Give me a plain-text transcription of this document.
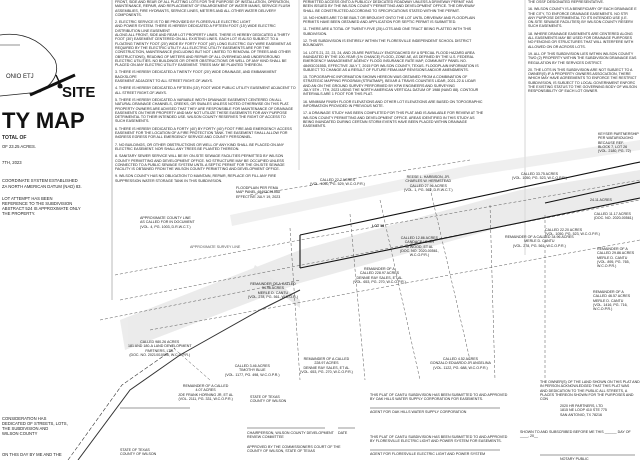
TY MAP
SITE
ONIO ETJ
TOTAL OF
OF 23.25 ACRES.
7TH, 2023
COORDINATE SYSTEM ESTABLISHED
ZA NORTH AMERICAN DATUM (NAD) 83.
LOT ATTEMPT HAS BEEN
REFERENCE TO THE SUBDIVISION
ABSTRACT 524 IS APPROXIMATE ONLY
THE PROPERTY.
CONSIDERATION HAS
DEDICATED OF STREETS, LOTS,
THE SUBDIVISION AND
WILSON COUNTY
ON THIS DAY BY ME AND THE
FRONT, SIDE AND REAR OF ALL PLATTING LOTS FOR THE PURPOSE OF INSTALLATION, OPERATION,
MAINTENANCE, REPAIR, AND REPLACEMENT OF ENLARGEMENT OF WATER MAINS, SERVICE FLUSH
ASSEMBLIES, FIRE HYDRANTS, SERVICE LINES, METERS AND ALL OTHER WATER DELIVERY
COMPONENTS.
2. ELECTRIC SERVICE IS TO BE PROVIDED BY FLORESVILLE ELECTRIC LIGHT
AND POWER SYSTEM. THERE IS HEREBY DEDICATED A FIFTEEN FOOT (15') WIDE ELECTRIC DISTRIBUTION LINE EASEMENT
ALONG ALL FRONT, SIDE AND REAR LOT PROPERTY LINES. THERE IS HEREBY DEDICATED A THIRTY
FOOT (30') EASEMENT CENTERED ON ALL EXISTING LINES. EACH LOT IS ALSO SUBJECT TO A
FLOATING TWENTY FOOT (20') WIDE BY FORTY FOOT (40') LONG ELECTRIC GUY WIRE EASEMENT AS
REQUIRED BY THE ELECTRIC UTILITY. ALL ELECTRIC UTILITY EASEMENTS ARE FOR THE
CONSTRUCTION, MAINTENANCE (INCLUDING BUT NOT LIMITED TO REMOVAL OF TREES AND OTHER
OBSTRUCTIONS), READING OF METERS AND REPAIR OF ALL OVERHEAD AND UNDERGROUND
ELECTRIC UTILITIES. NO BUILDINGS OR OTHER OBSTRUCTIONS OR WELL OF ANY KIND SHALL BE
PLACED ON ANY ELECTRIC UTILITY EASEMENT. TREES MAY BE PLANTED THEREON.
3. THERE IS HEREBY DEDICATED A TWENTY FOOT (20') WIDE DRAINAGE, AND EMBANKMENT BACKSLOPE
EASEMENT ADJACENT TO ALL STREET RIGHT-OF-WAYS.
4. THERE IS HEREBY DEDICATED A FIFTEEN (15') FOOT WIDE PUBLIC UTILITY EASEMENT ADJACENT TO
ALL STREET RIGHT-OF-WAYS.
5. THERE IS HEREBY DEDICATED A VARIABLE WIDTH DRAINAGE EASEMENT CENTERED ON ALL
NATURAL DRAINAGE CHANNELS, CREEKS, OR SWALES UNLESS NOTED OTHERWISE ON THIS PLAT.
PROPERTY OWNERS ARE ADVISED THAT THEY ARE RESPONSIBLE FOR MAINTENANCE OF DRAINAGE
EASEMENTS ON THEIR PROPERTY AND MAY NOT UTILIZE THESE EASEMENTS FOR ANY PURPOSE
DETRIMENTAL TO THEIR INTENDED USE. WILSON COUNTY RESERVES THE RIGHT OF ACCESS TO
SUCH EASEMENTS.
6. THERE IS HEREBY DEDICATED A FORTY (40') BY FORTY (40') FOOT FIRE AND EMERGENCY ACCESS
EASEMENT FOR THE LOCATION OF A FIRE PROTECTION TANK. THE EASEMENT SHALL ALLOW FOR
INGRESS EGRESS FOR ALL EMERGENCY SERVICE AND COUNTY PERSONNEL.
7. NO BUILDINGS, OR OTHER OBSTRUCTIONS OR WELL OF ANY KIND SHALL BE PLACED ON ANY
ELECTRIC EASEMENT. NOR SHALL ANY TREES BE PLANTED THEREON.
8. SANITARY SEWER SERVICE WILL BE BY ON-SITE SEWAGE FACILITIES PERMITTED BY WILSON
COUNTY PERMITTING AND DEVELOPMENT OFFICE. NO STRUCTURE MAY BE OCCUPIED UNLESS
CONNECTED TO A PUBLIC SEWAGE SYSTEM UNTIL A SEPTIC PERMIT FOR THE ON-SITE SEWAGE
FACILITY IS OBTAINED FROM THE WILSON COUNTY PERMITTING AND DEVELOPMENT OFFICE.
9. WILSON COUNTY HAS NO OBLIGATION TO MAINTAIN, REPAIR, REPLACE OR FILL ANY FIRE
SUPPRESSION WATER STORAGE TANK IN THIS SUBDIVISION.
PERMITTED ACCESS ONTO A PUBLICLY DEDICATED ROADWAY UNLESS A DRIVEWAY PERMIT HAS
BEEN ISSUED BY THE WILSON COUNTY PERMITTING AND DEVELOPMENT OFFICE. THE DRIVEWAY
SHALL BE CONSTRUCTED ACCORDING TO SPECIFICATIONS STATED WITHIN THE PERMIT.
10. NO HOMES ARE TO BE BUILT OR BROUGHT ONTO THE LOT UNTIL DRIVEWAY AND FLOODPLAIN
PERMITS HAVE BEEN OBTAINED AND APPLICATION FOR SEPTIC PERMIT IS SUBMITTED.
11. THERE ARE A TOTAL OF TWENTY-FIVE (25) LOTS AND ONE TRACT BEING PLATTED WITH THIS
SUBDIVISION.
12. THIS SUBDIVISION IS ENTIRELY WITHIN THE FLORESVILLE INDEPENDENT SCHOOL DISTRICT
BOUNDARY.
14. LOTS 21, 22, 23, 24, AND 25 ARE PARTIALLY ENCROACHED BY A SPECIAL FLOOD HAZARD AREA
INUNDATED BY THE 100-YEAR (1% CHANCE) FLOOD, ZONE AE, AS DEFINED BY THE U.S. FEDERAL
EMERGENCY MANAGEMENT AGENCY FLOOD INSURANCE RATE MAP, COMMUNITY PANEL NO.
48493C0155D, EFFECTIVE JULY 7, 2015 FOR WILSON COUNTY, TEXAS. FLOODPLAIN INFORMATION IS
SUBJECT TO CHANGE AS A RESULT OF FUTURE FEMA MAP REVISIONS AND/OR AMENDMENTS.
15. TOPOGRAPHIC INFORMATION SHOWN HEREON WAS OBTAINED FROM A COMBINATION OF
STRATEGIC MAPPING PROGRAM (STRATMAP), BEXAR & TRAVIS COUNTIES LIDAR, 2021-22 & LIDAR
AND AN ON THE GROUND SURVEY PERFORMED BY KFW ENGINEERS AND SURVEYING
JULY 5TH - 7TH, 2023 USING THE NORTH AMERICAN VERTICAL DATUM OF 1988 (NAVD 88). CONTOUR
INTERVALS ARE 1 FOOT FOR THIS PLAT.
16. MINIMUM FINISH FLOOR ELEVATIONS AND OTHER LOT ELEVATIONS ARE BASED ON TOPOGRAPHIC
INFORMATION PROVIDED IN PREVIOUS NOTE.
17. A DRAINAGE STUDY HAS BEEN COMPLETED FOR THIS PLAT AND IS AVAILABLE FOR REVIEW AT THE
WILSON COUNTY PERMITTING AND DEVELOPMENT OFFICE. AREAS IDENTIFIED IN THIS STUDY AS
BEING INUNDATED DURING CERTAIN STORM EVENTS HAVE BEEN PLACED WITHIN DRAINAGE
EASEMENTS.
THE OSSF DESIGNATED REPRESENTATIVE.
16. WILSON COUNTY IS A BENEFICIARY OF EACH DRAINAGE E
THE CITY, TO ENFORCE DRAINAGE EASEMENTS. NO STR
ANY PURPOSE DETRIMENTAL TO ITS INTENDED USE (I.E.
ON-SITE SEWAGE FACILITIES) BY WILSON COUNTY RESERV
SUCH EASEMENTS.
18. WHERE DRAINAGE EASEMENTS ARE CENTERED ALONG
ALL EASEMENTS MAY BE USED FOR DRAINAGE PURPOSES
NO FENCING OR STRUCTURES THAT WILL INTERFERE WITH
ALLOWED ON OR ACROSS LOTS.
19. ALL OF THIS SUBDIVISION LIES WITHIN WILSON COUNTY
TWO (2) PROPERTY WITHIN THE SUBDIVISION DRAINAGE EAS
REGULATION BY THE SERVICES DISTRICT.
20. THE LOTS IN THIS SUBDIVISION ARE NOT SUBJECT TO A
OWNER(S) IF A PROPERTY OWNERS ASSOCIATION, THERE
WHICH MAY HAVE AGREEMENTS TO ENFORCE THE RESTRICT
SUBDIVISION, IS SUBJECT TO LOCAL GOVERNMENT ENFORC
THE EXISTING STATUS TO THE GOVERNING BODY OF WILSON
RESPONSIBILITY OF EACH LOT OWNER.
REESE L. HARBISON, JR.
CHARLES W. HERMSTEAD
CALLED 27.96 ACRES
(VOL. 1, PG. 562, D.R.W.C.T.)
CALLED 22.7 ACRES
(VOL. 1050, PG. 529, W.C.O.P.R.)
FLOODPLAIN PER FEMA
MAP PANEL 48493C0155D
EFFECTIVE JULY 19, 2023
CALLED 33.75 ACRES
(VOL. 1050, PG. 523, W.C.O.P.R.)
KEYSER PARTNERSHIP
PER WATARIOUGHO
BECAUSE REF.
BLOCK 7, LOT 26
(VOL. 2180, PG. 72)
CALLED 11.17 ACRES
(DOC. NO. 2020-00561)
CALLED 22.20 ACRES
(VOL. 1050, PG. 523, W.C.O.P.R.)
APPROXIMATE COUNTY LINE
AS CALLED FOR IN DOCUMENT
(VOL. 4, PG. 1003, D.R.W.C.T.)
APPROXIMATE SURVEY LINE
REMAINDER OF A CALLED
34.96 ACRES
MERLE D. CANTU
(VOL. 278, PG. 561, W.C.O.R.)
REMAINDER OF A
CALLED 228.97 ACRES
DENNIE RAY SALES, ET AL
(VOL. 653, PG. 270, W.C.O.P.R.)
CALLED 12.86 ACRES
CANDACE LEIGH
ATWOOD, ET AL
(DOC. NO. 2020-00561,
W.C.O.P.R.)
REMAINDER OF A CALLED 34.96 ACRES
MERLE D. CANTU
(VOL. 278, PG. 561, W.C.O.P.R.)
CALLED 980.26 ACRES
181 AND 180-A LAND DEVELOPMENT
PARTNERS, LTD.
(DOC. NO. 2021/010006, W.C.O.P.R.)
REMAINDER OF A CALLED
228.97 ACRES
DENNIE RAY SALES, ET AL
(VOL. 653, PG. 270, W.C.O.P.R.)
CALLED 4.52 ACRES
GONZALO EDUARDO JR ANGELINA
(VOL. 1122, PG. 688, W.C.O.P.R.)
CALLED 3.46 ACRES
TIMOTHY BLUE
(VOL. 1177, PG. 498, W.C.O.P.R.)
REMAINDER OF A CALLED
4.07 ACRES
JOE FRANK HORNING JR, ET AL
(VOL. 2111, PG. 331, W.C.O.P.R.)
REMAINDER OF A
CALLED 29.86 ACRES
MERLE D. CANTU
(VOL. 895, PG. 765, W.C.O.P.R.)
REMAINDER OF A
CALLED 46.57 ACRES
MERLE D. CANTU
(VOL. 1416, PG. 716, W.C.O.P.R.)
LOT 18
24.11 ACRES
STATE OF TEXAS
COUNTY OF WILSON
STATE OF TEXAS
COUNTY OF WILSON
CHAIRPERSON, WILSON COUNTY DEVELOPMENT
REVIEW COMMITTEE
DATE
APPROVED BY THE COMMISSIONERS COURT OF THE
COUNTY OF WILSON, STATE OF TEXAS
THIS PLAT OF CANTU SUBDIVISION HAS BEEN SUBMITTED TO AND APPROVED
BY OAK HILLS WATER SUPPLY CORPORATION FOR EASEMENTS.
AGENT FOR OAK HILLS WATER SUPPLY CORPORATION
THIS PLAT OF CANTU SUBDIVISION HAS BEEN SUBMITTED TO AND APPROVED
BY FLORESVILLE ELECTRIC LIGHT AND POWER SYSTEM FOR EASEMENTS.
AGENT FOR FLORESVILLE ELECTRIC LIGHT AND POWER SYSTEM
THE OWNER(S) OF THE LAND SHOWN ON THIS PLAT AND
IN PERSON ACKNOWLEDGED THAT THIS PLAT WAS
AND DEDICATION TO THE PUBLIC ALL STREETS, A
PLACES THEREON SHOWN FOR THE PURPOSES AND CON
2020 HR PARTNERS, LTD
1815 NE LOOP 410 STE 775
SAN ANTONIO, TX 78216
SHOWN TO AND SUBSCRIBED BEFORE ME THIS ______ DAY OF ____, 20__
NOTARY PUBLIC
